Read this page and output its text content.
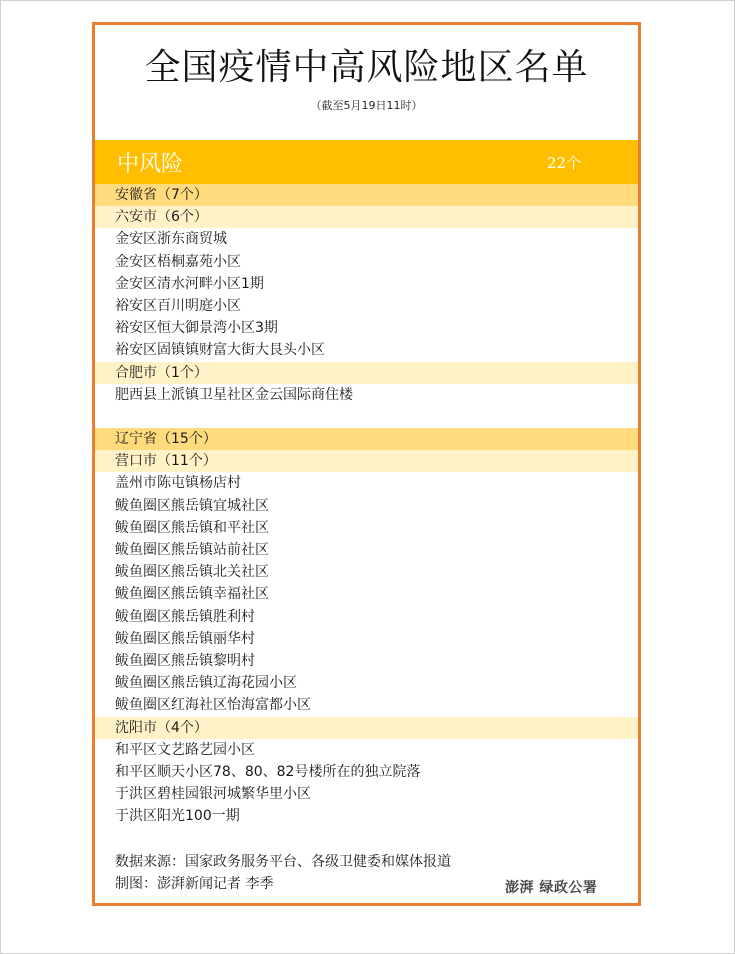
全国疫情中高风险地区名单
（截至5月19日11时）
中风险	22个
安徽省（7个）
六安市（6个）
金安区浙东商贸城
金安区梧桐嘉苑小区
金安区清水河畔小区1期
裕安区百川明庭小区
裕安区恒大御景湾小区3期
裕安区固镇镇财富大街大艮头小区
合肥市（1个）
肥西县上派镇卫星社区金云国际商住楼
辽宁省（15个）
营口市（11个）
盖州市陈屯镇杨店村
鲅鱼圈区熊岳镇宜城社区
鲅鱼圈区熊岳镇和平社区
鲅鱼圈区熊岳镇站前社区
鲅鱼圈区熊岳镇北关社区
鲅鱼圈区熊岳镇幸福社区
鲅鱼圈区熊岳镇胜利村
鲅鱼圈区熊岳镇丽华村
鲅鱼圈区熊岳镇黎明村
鲅鱼圈区熊岳镇辽海花园小区
鲅鱼圈区红海社区怡海富都小区
沈阳市（4个）
和平区文艺路艺园小区
和平区顺天小区78、80、82号楼所在的独立院落
于洪区碧桂园银河城繁华里小区
于洪区阳光100一期
数据来源：国家政务服务平台、各级卫健委和媒体报道
制图：澎湃新闻记者 李季	澎湃 绿政公署
